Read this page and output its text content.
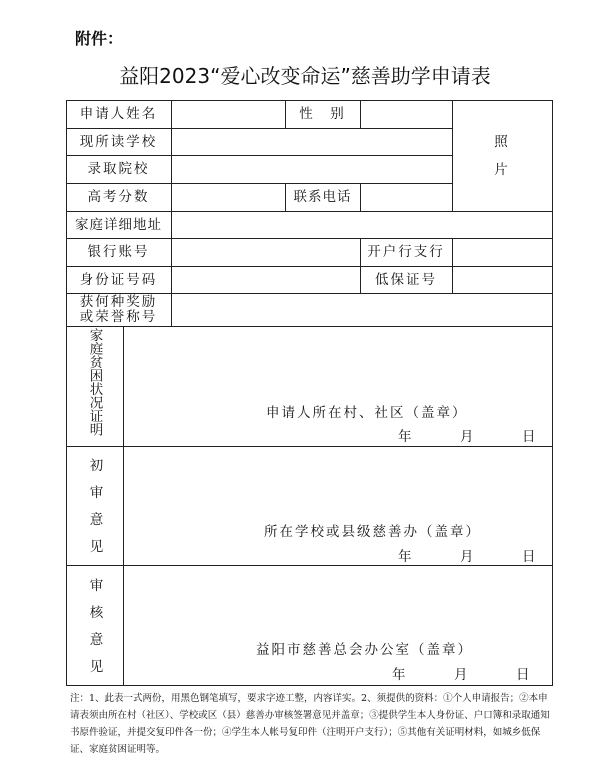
附件：
益阳2023“爱心改变命运”慈善助学申请表
申请人姓名	性　别
照

片
现所读学校
录取院校
高考分数	联系电话
家庭详细地址
银行账号	开户行支行
身份证号码	低保证号
获何种奖励
或荣誉称号
家庭贫困状况证明	申请人所在村、社区（盖章）
年　　　月　　　日
初　审　意　见	所在学校或县级慈善办（盖章）
年　　　月　　　日
审　核　意　见	益阳市慈善总会办公室（盖章）
年　　　月　　　日
注：1、此表一式两份，用黑色钢笔填写，要求字迹工整，内容详实。2、须提供的资料：①个人申请报告；②本申请表须由所在村（社区）、学校或区（县）慈善办审核签署意见并盖章；③提供学生本人身份证、户口簿和录取通知书原件验证，并提交复印件各一份；④学生本人帐号复印件（注明开户支行）；⑤其他有关证明材料，如城乡低保证、家庭贫困证明等。
